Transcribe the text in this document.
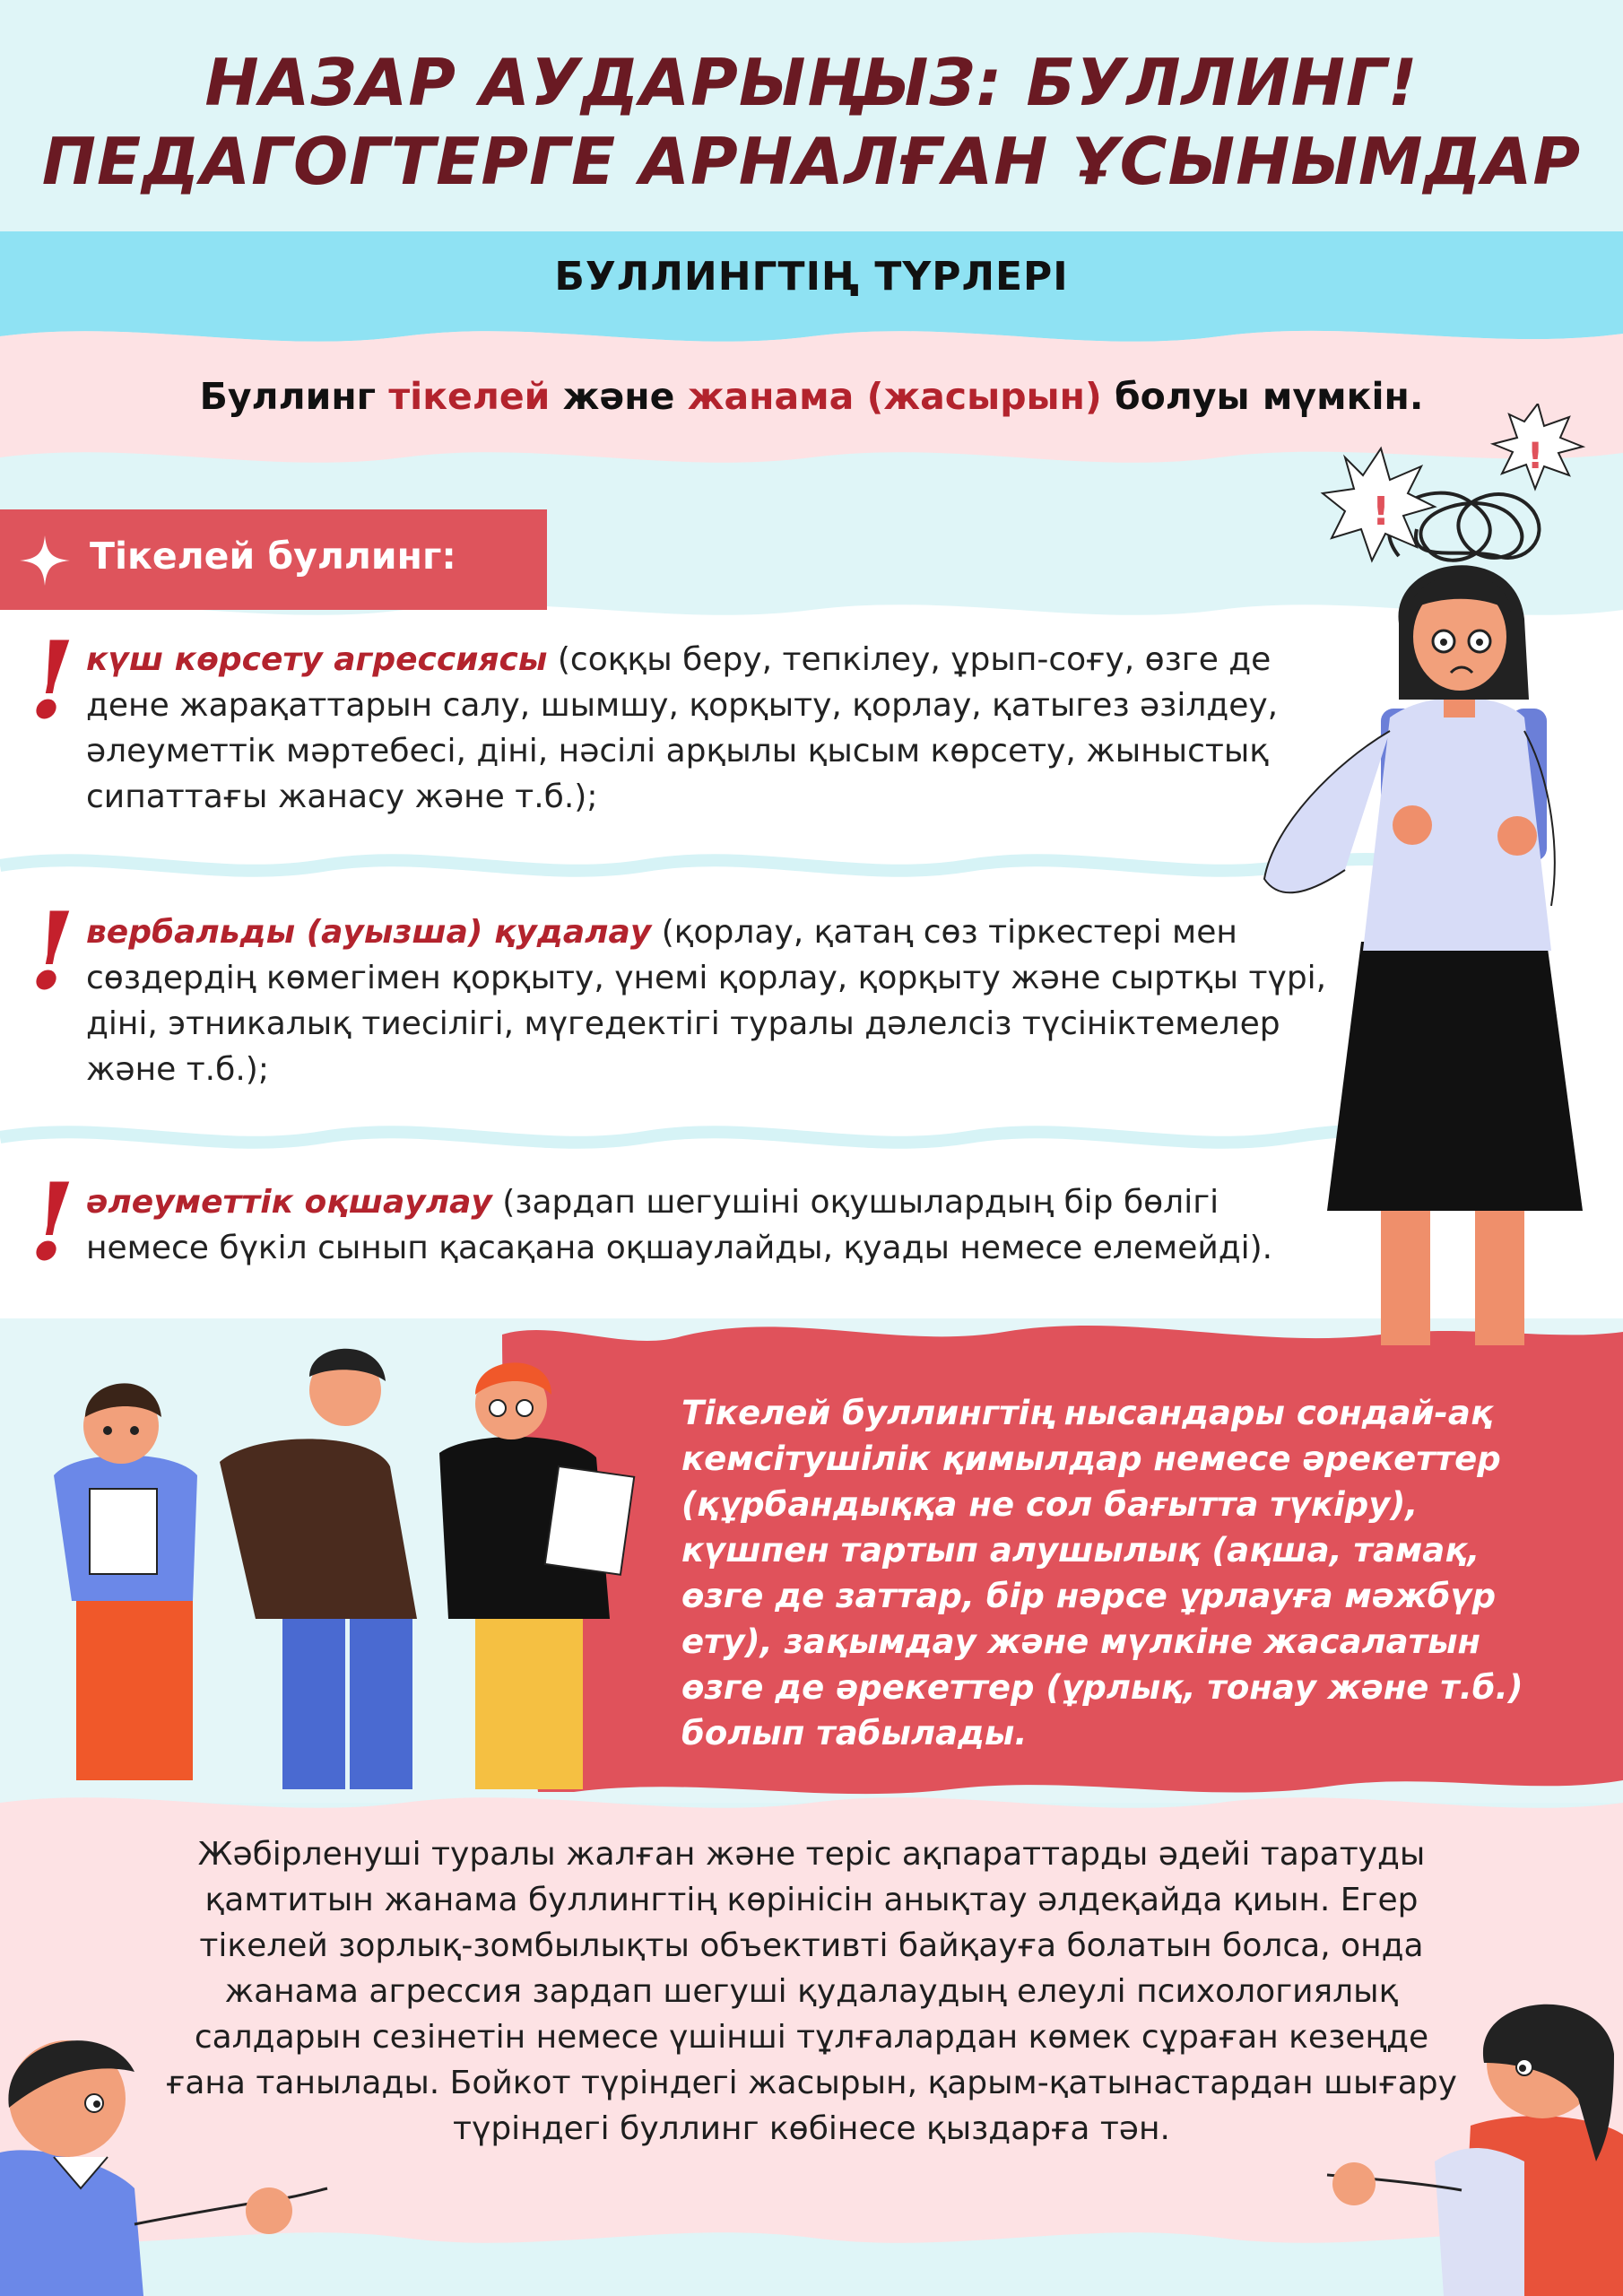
!
!
НАЗАР АУДАРЫҢЫЗ: БУЛЛИНГ!
ПЕДАГОГТЕРГЕ АРНАЛҒАН ҰСЫНЫМДАР
БУЛЛИНГТІҢ ТҮРЛЕРІ
Буллинг тікелей және жанама (жасырын) болуы мүмкін.
Тікелей буллинг:
! күш көрсету агрессиясы (соққы беру, тепкілеу, ұрып-соғу, өзге де дене жарақаттарын салу, шымшу, қорқыту, қорлау, қатыгез әзілдеу, әлеуметтік мәртебесі, діні, нәсілі арқылы қысым көрсету, жыныстық сипаттағы жанасу және т.б.);
! вербальды (ауызша) қудалау (қорлау, қатаң сөз тіркестері мен сөздердің көмегімен қорқыту, үнемі қорлау, қорқыту және сыртқы түрі, діні, этникалық тиесілігі, мүгедектігі туралы дәлелсіз түсініктемелер және т.б.);
! әлеуметтік оқшаулау (зардап шегушіні оқушылардың бір бөлігі немесе бүкіл сынып қасақана оқшаулайды, қуады немесе елемейді).
Тікелей буллингтің нысандары сондай-ақ кемсітушілік қимылдар немесе әрекеттер (құрбандыққа не сол бағытта түкіру), күшпен тартып алушылық (ақша, тамақ, өзге де заттар, бір нәрсе ұрлауға мәжбүр ету), зақымдау және мүлкіне жасалатын өзге де әрекеттер (ұрлық, тонау және т.б.) болып табылады.
Жәбірленуші туралы жалған және теріс ақпараттарды әдейі таратуды қамтитын жанама буллингтің көрінісін анықтау әлдеқайда қиын. Егер тікелей зорлық-зомбылықты объективті байқауға болатын болса, онда жанама агрессия зардап шегуші қудалаудың елеулі психологиялық салдарын сезінетін немесе үшінші тұлғалардан көмек сұраған кезеңде ғана танылады. Бойкот түріндегі жасырын, қарым-қатынастардан шығару түріндегі буллинг көбінесе қыздарға тән.
